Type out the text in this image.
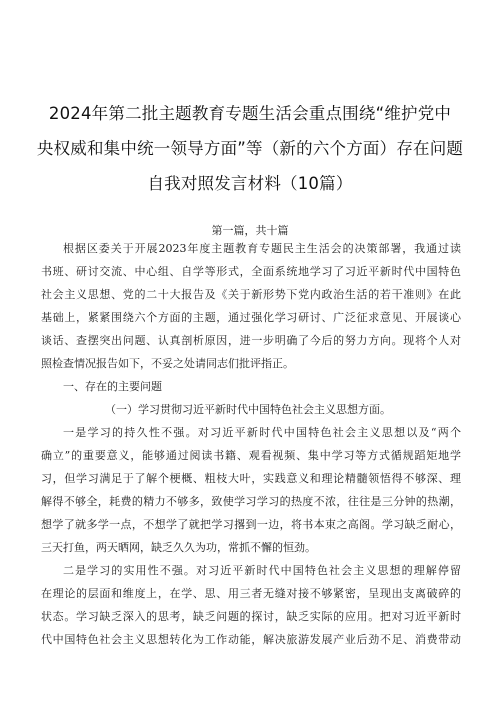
2024年第二批主题教育专题生活会重点围绕“维护党中
央权威和集中统一领导方面”等（新的六个方面）存在问题
自我对照发言材料（10篇）
第一篇，共十篇
根据区委关于开展2023年度主题教育专题民主生活会的决策部署，我通过读
书班、研讨交流、中心组、自学等形式，全面系统地学习了习近平新时代中国特色
社会主义思想、党的二十大报告及《关于新形势下党内政治生活的若干准则》在此
基础上，紧紧围绕六个方面的主题，通过强化学习研讨、广泛征求意见、开展谈心
谈话、查摆突出问题、认真剖析原因，进一步明确了今后的努力方向。现将个人对
照检查情况报告如下，不妥之处请同志们批评指正。
一、存在的主要问题
（一）学习贯彻习近平新时代中国特色社会主义思想方面。
一是学习的持久性不强。对习近平新时代中国特色社会主义思想以及“两个
确立”的重要意义，能够通过阅读书籍、观看视频、集中学习等方式循规蹈矩地学
习，但学习满足于了解个梗概、粗枝大叶，实践意义和理论精髓领悟得不够深、理
解得不够全，耗费的精力不够多，致使学习学习的热度不浓，往往是三分钟的热潮，
想学了就多学一点，不想学了就把学习撂到一边，将书本束之高阁。学习缺乏耐心，
三天打鱼，两天晒网，缺乏久久为功，常抓不懈的恒劲。
二是学习的实用性不强。对习近平新时代中国特色社会主义思想的理解停留
在理论的层面和维度上，在学、思、用三者无缝对接不够紧密，呈现出支离破碎的
状态。学习缺乏深入的思考，缺乏问题的探讨，缺乏实际的应用。把对习近平新时
代中国特色社会主义思想转化为工作动能，解决旅游发展产业后劲不足、消费带动
